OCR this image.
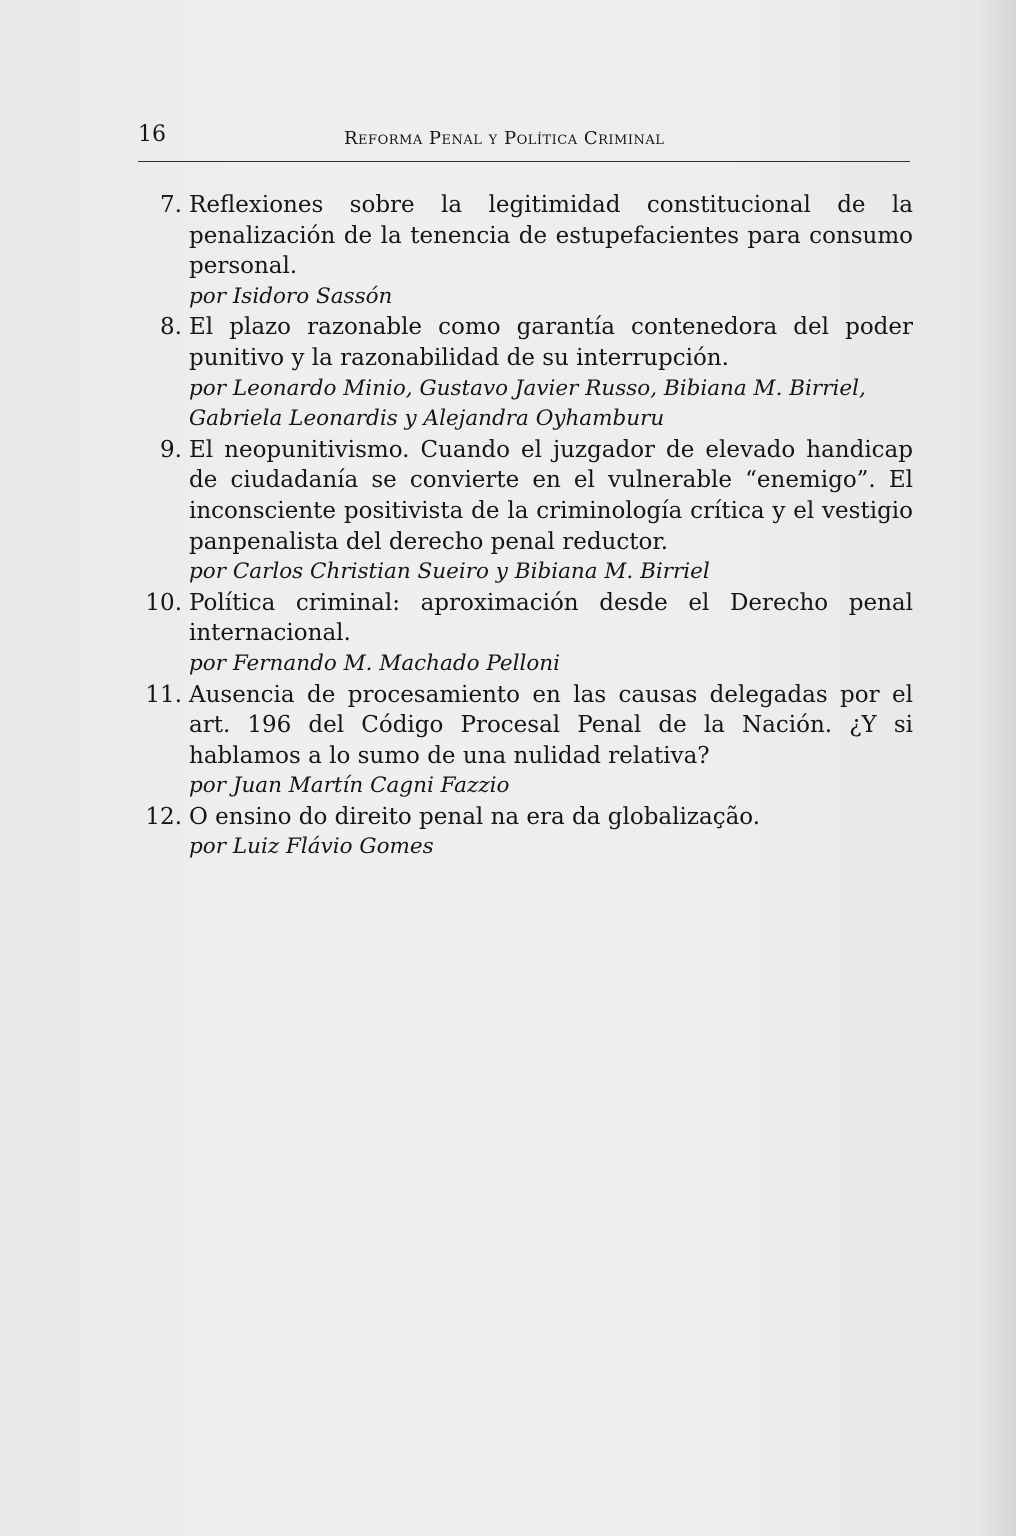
16	Reforma Penal y Política Criminal
7. Reflexiones sobre la legitimidad constitucional de la penalización de la tenencia de estupefacientes para consumo personal.
por Isidoro Sassón
8. El plazo razonable como garantía contenedora del poder punitivo y la razonabilidad de su interrupción.
por Leonardo Minio, Gustavo Javier Russo, Bibiana M. Birriel, Gabriela Leonardis y Alejandra Oyhamburu
9. El neopunitivismo. Cuando el juzgador de elevado handicap de ciudadanía se convierte en el vulnerable “enemigo”. El inconsciente positivista de la criminología crítica y el vestigio panpenalista del derecho penal reductor.
por Carlos Christian Sueiro y Bibiana M. Birriel
10. Política criminal: aproximación desde el Derecho penal internacional.
por Fernando M. Machado Pelloni
11. Ausencia de procesamiento en las causas delegadas por el art. 196 del Código Procesal Penal de la Nación. ¿Y si hablamos a lo sumo de una nulidad relativa?
por Juan Martín Cagni Fazzio
12. O ensino do direito penal na era da globalização.
por Luiz Flávio Gomes
